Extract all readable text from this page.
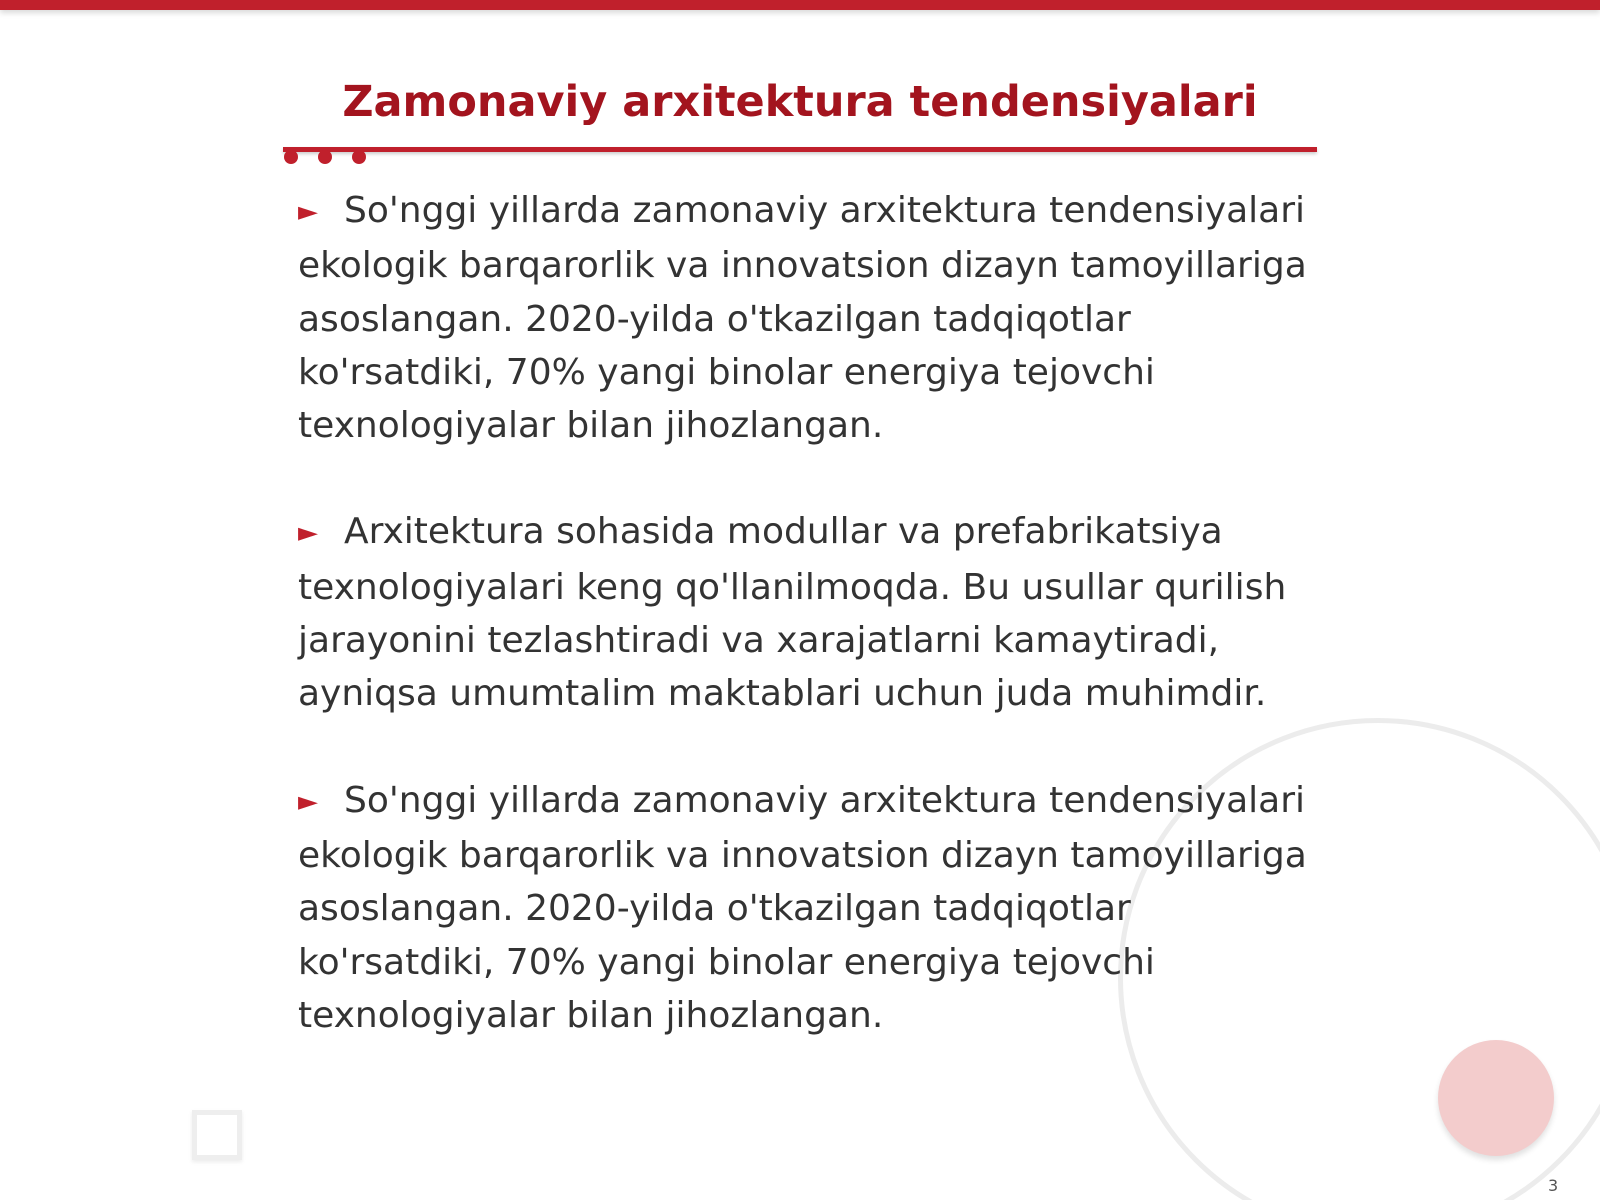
Zamonaviy arxitektura tendensiyalari

► So'nggi yillarda zamonaviy arxitektura tendensiyalari
ekologik barqarorlik va innovatsion dizayn tamoyillariga
asoslangan. 2020-yilda o'tkazilgan tadqiqotlar
ko'rsatdiki, 70% yangi binolar energiya tejovchi
texnologiyalar bilan jihozlangan.

► Arxitektura sohasida modullar va prefabrikatsiya
texnologiyalari keng qo'llanilmoqda. Bu usullar qurilish
jarayonini tezlashtiradi va xarajatlarni kamaytiradi,
ayniqsa umumtalim maktablari uchun juda muhimdir.

► So'nggi yillarda zamonaviy arxitektura tendensiyalari
ekologik barqarorlik va innovatsion dizayn tamoyillariga
asoslangan. 2020-yilda o'tkazilgan tadqiqotlar
ko'rsatdiki, 70% yangi binolar energiya tejovchi
texnologiyalar bilan jihozlangan.

3
